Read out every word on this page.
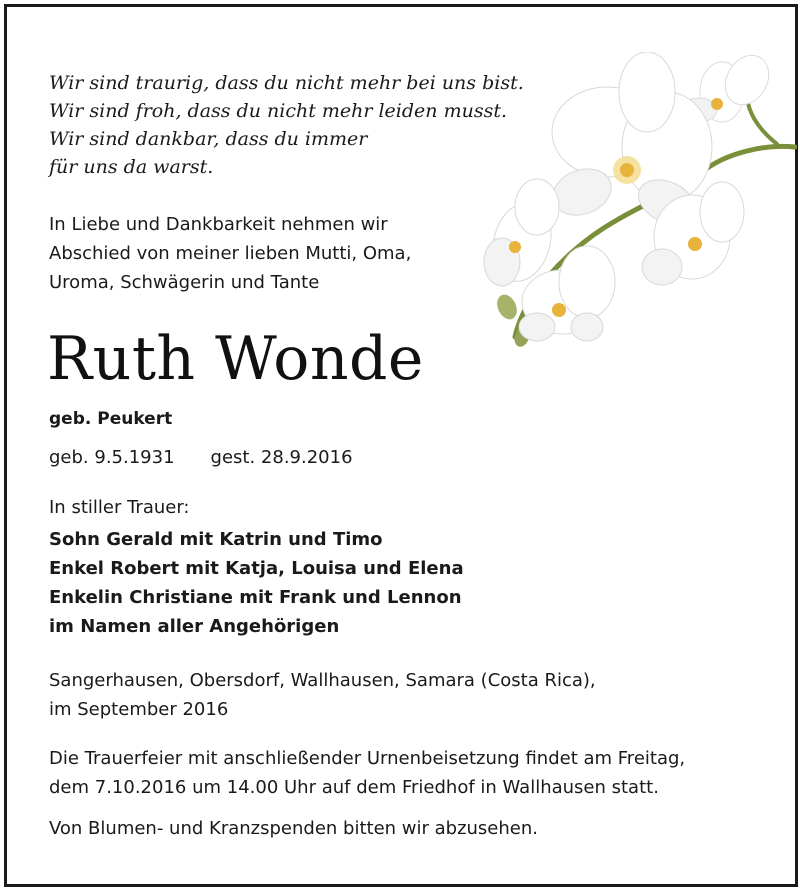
Wir sind traurig, dass du nicht mehr bei uns bist.
Wir sind froh, dass du nicht mehr leiden musst.
Wir sind dankbar, dass du immer
für uns da warst.
In Liebe und Dankbarkeit nehmen wir
Abschied von meiner lieben Mutti, Oma,
Uroma, Schwägerin und Tante
Ruth Wonde
geb. Peukert
geb. 9.5.1931 gest. 28.9.2016
In stiller Trauer:
Sohn Gerald mit Katrin und Timo
Enkel Robert mit Katja, Louisa und Elena
Enkelin Christiane mit Frank und Lennon
im Namen aller Angehörigen
Sangerhausen, Obersdorf, Wallhausen, Samara (Costa Rica),
im September 2016
Die Trauerfeier mit anschließender Urnenbeisetzung findet am Freitag,
dem 7.10.2016 um 14.00 Uhr auf dem Friedhof in Wallhausen statt.
Von Blumen- und Kranzspenden bitten wir abzusehen.
